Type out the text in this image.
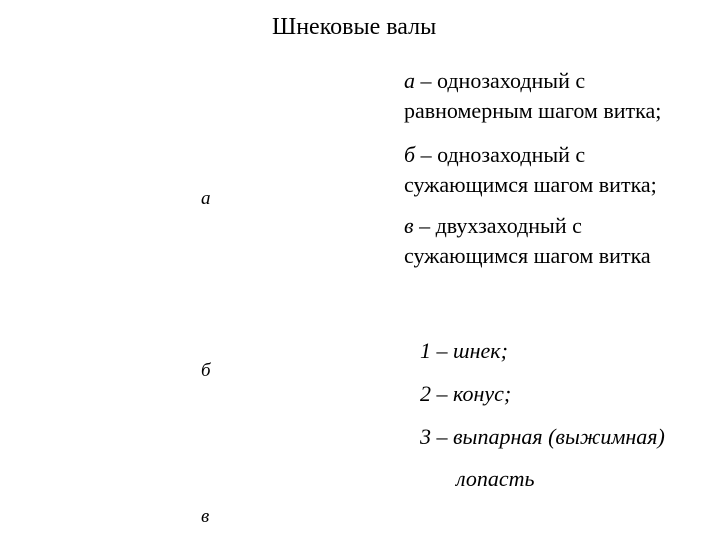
Шнековые валы
а – однозаходный с
равномерным шагом витка;
б – однозаходный с
сужающимся шагом витка;
в – двухзаходный с
сужающимся шагом витка
а
б
в
1 – шнек;
2 – конус;
3 – выпарная (выжимная)
лопасть
